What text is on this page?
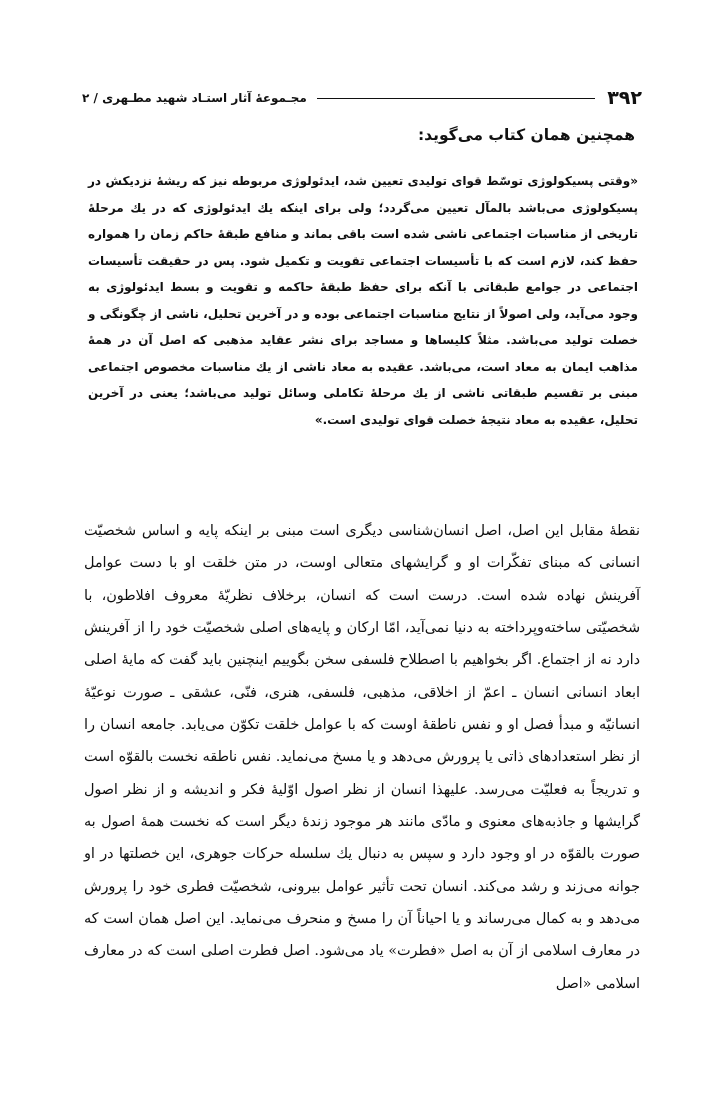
۳۹۲
مجـموعۀ آثار استـاد شهید مطـهری / ۲
همچنین همان کتاب می‌گوید:
«وقتی پسیکولوژی توسّط قوای تولیدی تعیین شد، ایدئولوژی مربوطه نیز که ریشۀ نزدیکش در پسیکولوژی می‌باشد بالمآل تعیین می‌گردد؛ ولی برای اینکه یك ایدئولوژی که در یك مرحلۀ تاریخی از مناسبات اجتماعی ناشی شده است باقی بماند و منافع طبقۀ حاکم زمان را همواره حفظ کند، لازم است که با تأسیسات اجتماعی تقویت و تکمیل شود. پس در حقیقت تأسیسات اجتماعی در جوامع طبقاتی با آنکه برای حفظ طبقۀ حاکمه و تقویت و بسط ایدئولوژی به وجود می‌آید، ولی اصولاً از نتایج مناسبات اجتماعی بوده و در آخرین تحلیل، ناشی از چگونگی و خصلت تولید می‌باشد. مثلاً کلیساها و مساجد برای نشر عقاید مذهبی که اصل آن در همۀ مذاهب ایمان به معاد است، می‌باشد. عقیده به معاد ناشی از یك مناسبات مخصوص اجتماعی مبنی بر تقسیم طبقاتی ناشی از یك مرحلۀ تکاملی وسائل تولید می‌باشد؛ یعنی در آخرین تحلیل، عقیده به معاد نتیجۀ خصلت قوای تولیدی است.»
نقطۀ مقابل این اصل، اصل انسان‌شناسی دیگری است مبنی بر اینکه پایه و اساس شخصیّت انسانی که مبنای تفکّرات او و گرایشهای متعالی اوست، در متن خلقت او با دست عوامل آفرینش نهاده شده است. درست است که انسان، برخلاف نظریّۀ معروف افلاطون، با شخصیّتی ساخته‌وپرداخته به دنیا نمی‌آید، امّا ارکان و پایه‌های اصلی شخصیّت خود را از آفرینش دارد نه از اجتماع. اگر بخواهیم با اصطلاح فلسفی سخن بگوییم اینچنین باید گفت که مایۀ اصلی ابعاد انسانی انسان ـ اعمّ از اخلاقی، مذهبی، فلسفی، هنری، فنّی، عشقی ـ صورت نوعیّۀ انسانیّه و مبدأ فصل او و نفس ناطقۀ اوست که با عوامل خلقت تکوّن می‌یابد. جامعه انسان را از نظر استعدادهای ذاتی یا پرورش می‌دهد و یا مسخ می‌نماید. نفس ناطقه نخست بالقوّه است و تدریجاً به فعلیّت می‌رسد. علیهذا انسان از نظر اصول اوّلیۀ فکر و اندیشه و از نظر اصول گرایشها و جاذبه‌های معنوی و مادّی مانند هر موجود زندۀ دیگر است که نخست همۀ اصول به صورت بالقوّه در او وجود دارد و سپس به دنبال یك سلسله حرکات جوهری، این خصلتها در او جوانه می‌زند و رشد می‌کند. انسان تحت تأثیر عوامل بیرونی، شخصیّت فطری خود را پرورش می‌دهد و به کمال می‌رساند و یا احیاناً آن را مسخ و منحرف می‌نماید. این اصل همان است که در معارف اسلامی از آن به اصل «فطرت» یاد می‌شود. اصل فطرت اصلی است که در معارف اسلامی «اصل
